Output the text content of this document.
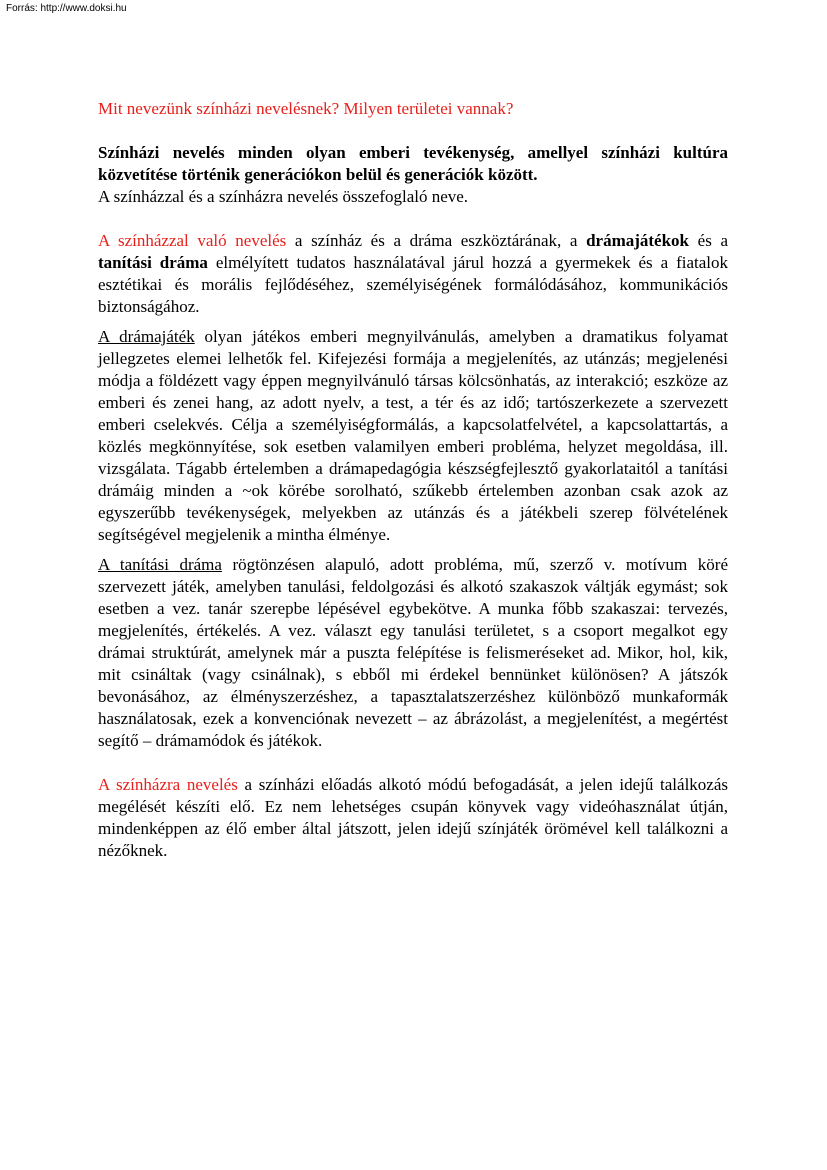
Forrás: http://www.doksi.hu

Mit nevezünk színházi nevelésnek? Milyen területei vannak?

Színházi nevelés minden olyan emberi tevékenység, amellyel színházi kultúra közvetítése történik generációkon belül és generációk között.
A színházzal és a színházra nevelés összefoglaló neve.

A színházzal való nevelés a színház és a dráma eszköztárának, a drámajátékok és a tanítási dráma elmélyített tudatos használatával járul hozzá a gyermekek és a fiatalok esztétikai és morális fejlődéséhez, személyiségének formálódásához, kommunikációs biztonságához.

A drámajáték olyan játékos emberi megnyilvánulás, amelyben a dramatikus folyamat jellegzetes elemei lelhetők fel. Kifejezési formája a megjelenítés, az utánzás; megjelenési módja a földézett vagy éppen megnyilvánuló társas kölcsönhatás, az interakció; eszköze az emberi és zenei hang, az adott nyelv, a test, a tér és az idő; tartószerkezete a szervezett emberi cselekvés. Célja a személyiségformálás, a kapcsolatfelvétel, a kapcsolattartás, a közlés megkönnyítése, sok esetben valamilyen emberi probléma, helyzet megoldása, ill. vizsgálata. Tágabb értelemben a drámapedagógia készségfejlesztő gyakorlataitól a tanítási drámáig minden a ~ok körébe sorolható, szűkebb értelemben azonban csak azok az egyszerűbb tevékenységek, melyekben az utánzás és a játékbeli szerep fölvételének segítségével megjelenik a mintha élménye.

A tanítási dráma rögtönzésen alapuló, adott probléma, mű, szerző v. motívum köré szervezett játék, amelyben tanulási, feldolgozási és alkotó szakaszok váltják egymást; sok esetben a vez. tanár szerepbe lépésével egybekötve. A munka főbb szakaszai: tervezés, megjelenítés, értékelés. A vez. választ egy tanulási területet, s a csoport megalkot egy drámai struktúrát, amelynek már a puszta felépítése is felismeréseket ad. Mikor, hol, kik, mit csináltak (vagy csinálnak), s ebből mi érdekel bennünket különösen? A játszók bevonásához, az élményszerzéshez, a tapasztalatszerzéshez különböző munkaformák használatosak, ezek a konvenciónak nevezett – az ábrázolást, a megjelenítést, a megértést segítő – drámamódok és játékok.

A színházra nevelés a színházi előadás alkotó módú befogadását, a jelen idejű találkozás megélését készíti elő. Ez nem lehetséges csupán könyvek vagy videóhasználat útján, mindenképpen az élő ember által játszott, jelen idejű színjáték örömével kell találkozni a nézőknek.
